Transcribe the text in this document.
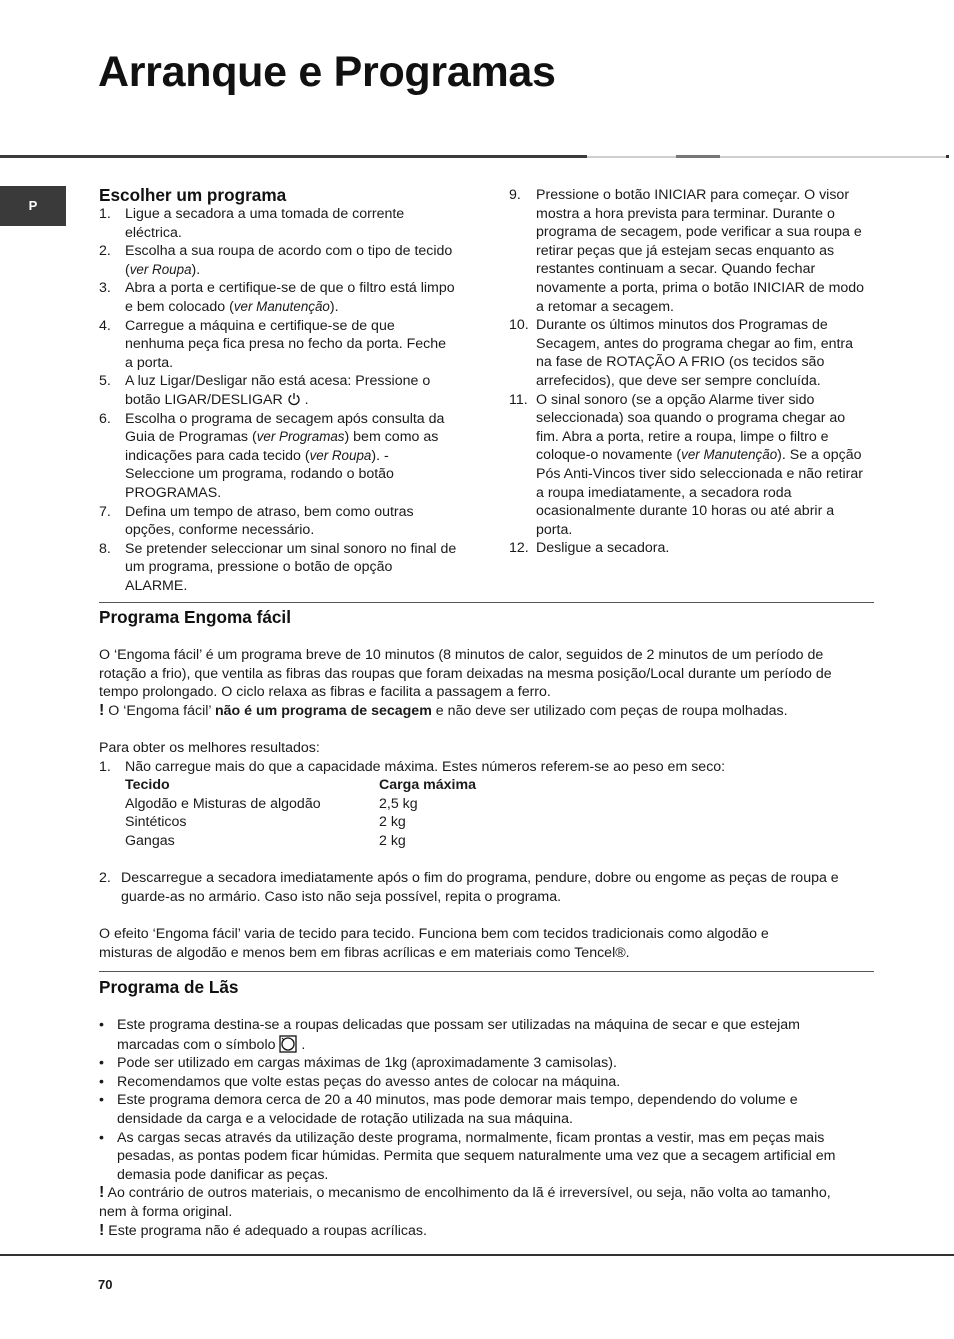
Arranque e Programas
P
Escolher um programa
1. Ligue a secadora a uma tomada de corrente eléctrica.
2. Escolha a sua roupa de acordo com o tipo de tecido (ver Roupa).
3. Abra a porta e certifique-se de que o filtro está limpo e bem colocado (ver Manutenção).
4. Carregue a máquina e certifique-se de que nenhuma peça fica presa no fecho da porta. Feche a porta.
5. A luz Ligar/Desligar não está acesa: Pressione o botão LIGAR/DESLIGAR  .
6. Escolha o programa de secagem após consulta da Guia de Programas (ver Programas) bem como as indicações para cada tecido (ver Roupa). - Seleccione um programa, rodando o botão PROGRAMAS.
7. Defina um tempo de atraso, bem como outras opções, conforme necessário.
8. Se pretender seleccionar um sinal sonoro no final de um programa, pressione o botão de opção ALARME.
9. Pressione o botão INICIAR para começar. O visor mostra a hora prevista para terminar. Durante o programa de secagem, pode verificar a sua roupa e retirar peças que já estejam secas enquanto as restantes continuam a secar. Quando fechar novamente a porta, prima o botão INICIAR de modo a retomar a secagem.
10. Durante os últimos minutos dos Programas de Secagem, antes do programa chegar ao fim, entra na fase de ROTAÇÃO A FRIO (os tecidos são arrefecidos), que deve ser sempre concluída.
11. O sinal sonoro (se a opção Alarme tiver sido seleccionada) soa quando o programa chegar ao fim. Abra a porta, retire a roupa, limpe o filtro e coloque-o novamente (ver Manutenção). Se a opção Pós Anti-Vincos tiver sido seleccionada e não retirar a roupa imediatamente, a secadora roda ocasionalmente durante 10 horas ou até abrir a porta.
12. Desligue a secadora.
Programa Engoma fácil

O ‘Engoma fácil’ é um programa breve de 10 minutos (8 minutos de calor, seguidos de 2 minutos de um período de rotação a frio), que ventila as fibras das roupas que foram deixadas na mesma posição/Local durante um período de tempo prolongado. O ciclo relaxa as fibras e facilita a passagem a ferro.

! O ‘Engoma fácil’ não é um programa de secagem e não deve ser utilizado com peças de roupa molhadas.

Para obter os melhores resultados:

1. Não carregue mais do que a capacidade máxima. Estes números referem-se ao peso em seco:
Tecido	Carga máxima
Algodão e Misturas de algodão	2,5 kg
Sintéticos	2 kg
Gangas	2 kg
2. Descarregue a secadora imediatamente após o fim do programa, pendure, dobre ou engome as peças de roupa e guarde-as no armário. Caso isto não seja possível, repita o programa.

O efeito ‘Engoma fácil’ varia de tecido para tecido. Funciona bem com tecidos tradicionais como algodão e misturas de algodão e menos bem em fibras acrílicas e em materiais como Tencel®.

Programa de Lãs
• Este programa destina-se a roupas delicadas que possam ser utilizadas na máquina de secar e que estejam marcadas com o símbolo  .
• Pode ser utilizado em cargas máximas de 1kg (aproximadamente 3 camisolas).
• Recomendamos que volte estas peças do avesso antes de colocar na máquina.
• Este programa demora cerca de 20 a 40 minutos, mas pode demorar mais tempo, dependendo do volume e densidade da carga e a velocidade de rotação utilizada na sua máquina.
• As cargas secas através da utilização deste programa, normalmente, ficam prontas a vestir, mas em peças mais pesadas, as pontas podem ficar húmidas. Permita que sequem naturalmente uma vez que a secagem artificial em demasia pode danificar as peças.

! Ao contrário de outros materiais, o mecanismo de encolhimento da lã é irreversível, ou seja, não volta ao tamanho, nem à forma original.

! Este programa não é adequado a roupas acrílicas.

70
